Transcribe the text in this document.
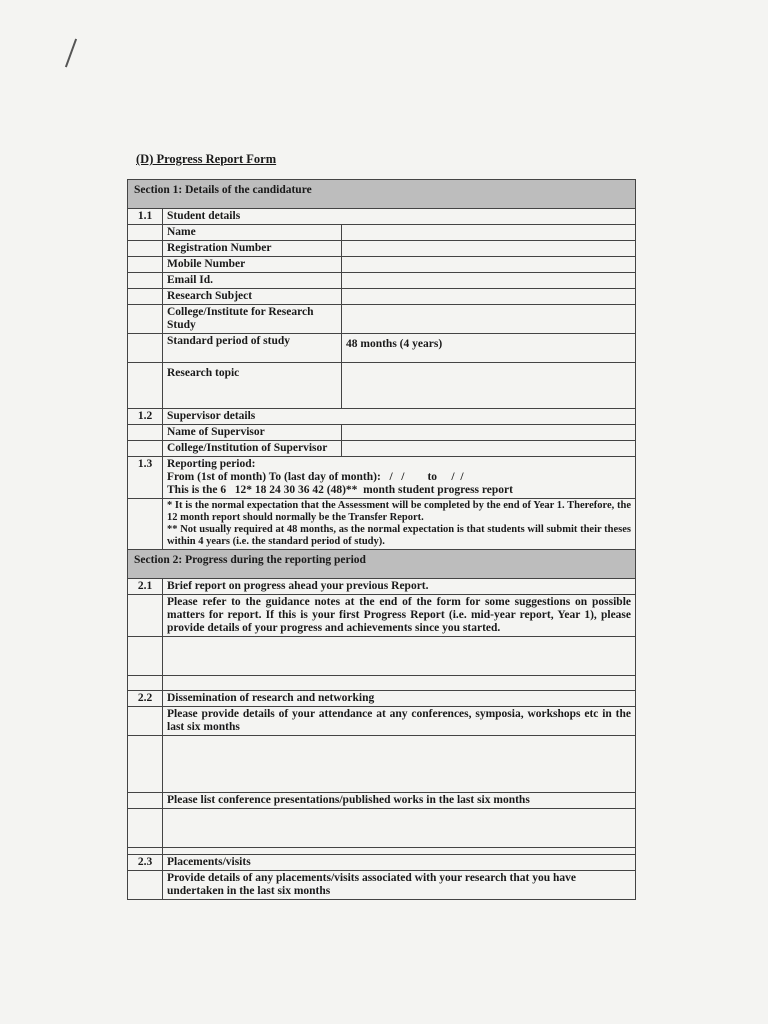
(D) Progress Report Form
Section 1: Details of the candidature		
1.1	Student details	
	Name	
	Registration Number	
	Mobile Number	
	Email Id.	
	Research Subject	
	College/Institute for Research Study	
	Standard period of study	48 months (4 years)
	Research topic	
1.2	Supervisor details	
	Name of Supervisor	
	College/Institution of Supervisor	
1.3	Reporting period:
From (1st of month) To (last day of month):   /   /        to     /  /
This is the 6   12* 18 24 30 36 42 (48)**  month student progress report	

	* It is the normal expectation that the Assessment will be completed by the end of Year 1. Therefore, the 12 month report should normally be the Transfer Report.
** Not usually required at 48 months, as the normal expectation is that students will submit their theses within 4 years (i.e. the standard period of study).	

Section 2: Progress during the reporting period		
2.1	Brief report on progress ahead your previous Report.	
	Please refer to the guidance notes at the end of the form for some suggestions on possible matters for report. If this is your first Progress Report (i.e. mid-year report, Year 1), please provide details of your progress and achievements since you started.	

2.2	Dissemination of research and networking	
	Please provide details of your attendance at any conferences, symposia, workshops etc in the last six months	

	Please list conference presentations/published works in the last six months	

2.3	Placements/visits	
	Provide details of any placements/visits associated with your research that you have undertaken in the last six months	
